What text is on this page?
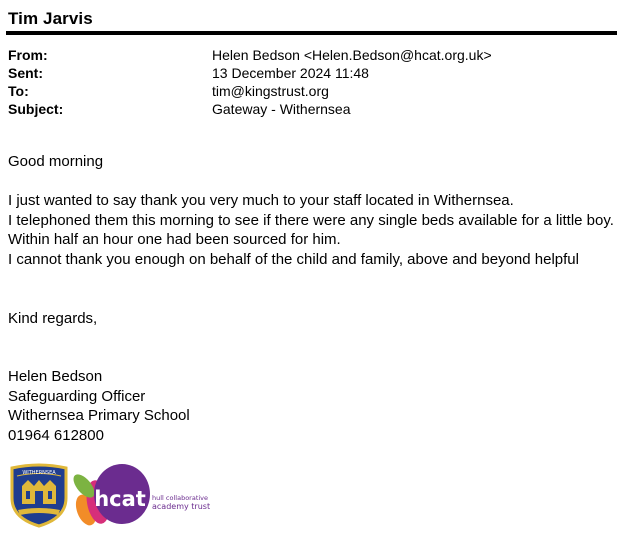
Tim Jarvis
From:	Helen Bedson <Helen.Bedson@hcat.org.uk>
Sent:	13 December 2024 11:48
To:	tim@kingstrust.org
Subject:	Gateway - Withernsea
Good morning
I just wanted to say thank you very much to your staff located in Withernsea.
I telephoned them this morning to see if there were any single beds available for a little boy.
Within half an hour one had been sourced for him.
I cannot thank you enough on behalf of the child and family, above and beyond helpful
Kind regards,
Helen Bedson
Safeguarding Officer
Withernsea Primary School
01964 612800
WITHERNSEA
hcat hull collaborative
academy trust
